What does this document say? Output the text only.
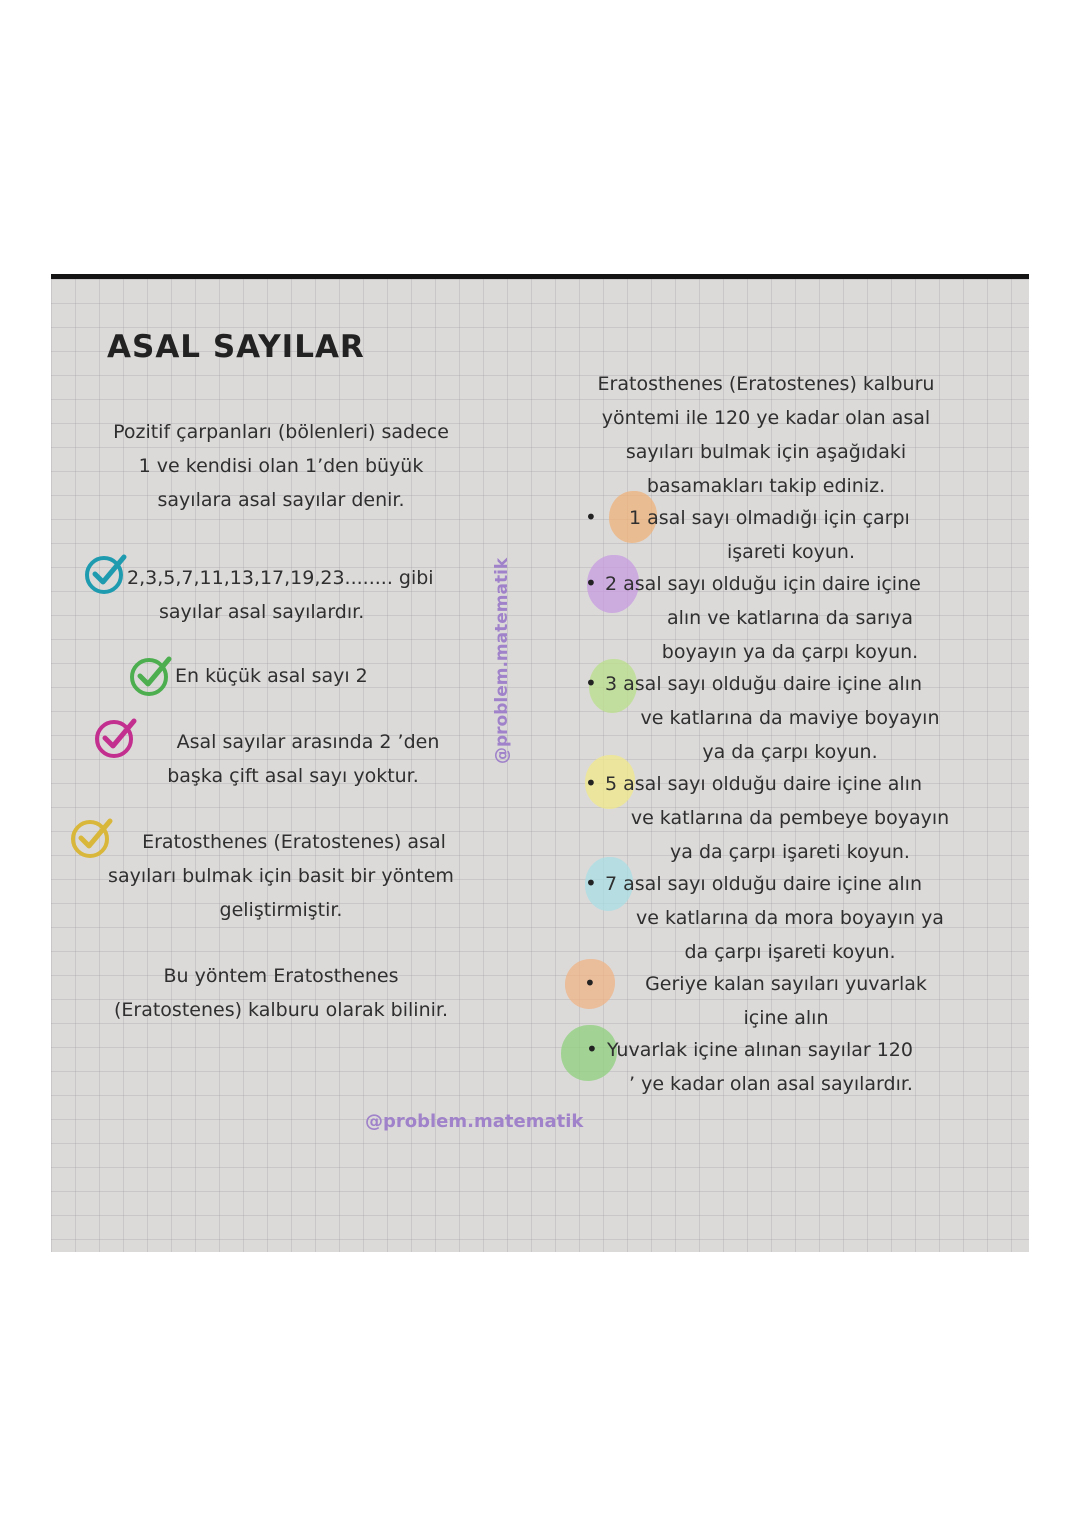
ASAL SAYILAR
Pozitif çarpanları (bölenleri) sadece
1 ve kendisi olan 1’den büyük
sayılara asal sayılar denir.
2,3,5,7,11,13,17,19,23........ gibi
sayılar asal sayılardır.
En küçük asal sayı 2
Asal sayılar arasında 2 ’den
başka çift asal sayı yoktur.
Eratosthenes (Eratostenes) asal
sayıları bulmak için basit bir yöntem
geliştirmiştir.
Bu yöntem Eratosthenes
(Eratostenes) kalburu olarak bilinir.
@problem.matematik
Eratosthenes (Eratostenes) kalburu
yöntemi ile 120 ye kadar olan asal
sayıları bulmak için aşağıdaki
basamakları takip ediniz.
•	1 asal sayı olmadığı için çarpı
işareti koyun.
• 2 asal sayı olduğu için daire içine
alın ve katlarına da sarıya
boyayın ya da çarpı koyun.
• 3 asal sayı olduğu daire içine alın
ve katlarına da maviye boyayın
ya da çarpı koyun.
• 5 asal sayı olduğu daire içine alın
ve katlarına da pembeye boyayın
ya da çarpı işareti koyun.
• 7 asal sayı olduğu daire içine alın
ve katlarına da mora boyayın ya
da çarpı işareti koyun.
•	Geriye kalan sayıları yuvarlak
içine alın
• Yuvarlak içine alınan sayılar 120
’ ye kadar olan asal sayılardır.
@problem.matematik
